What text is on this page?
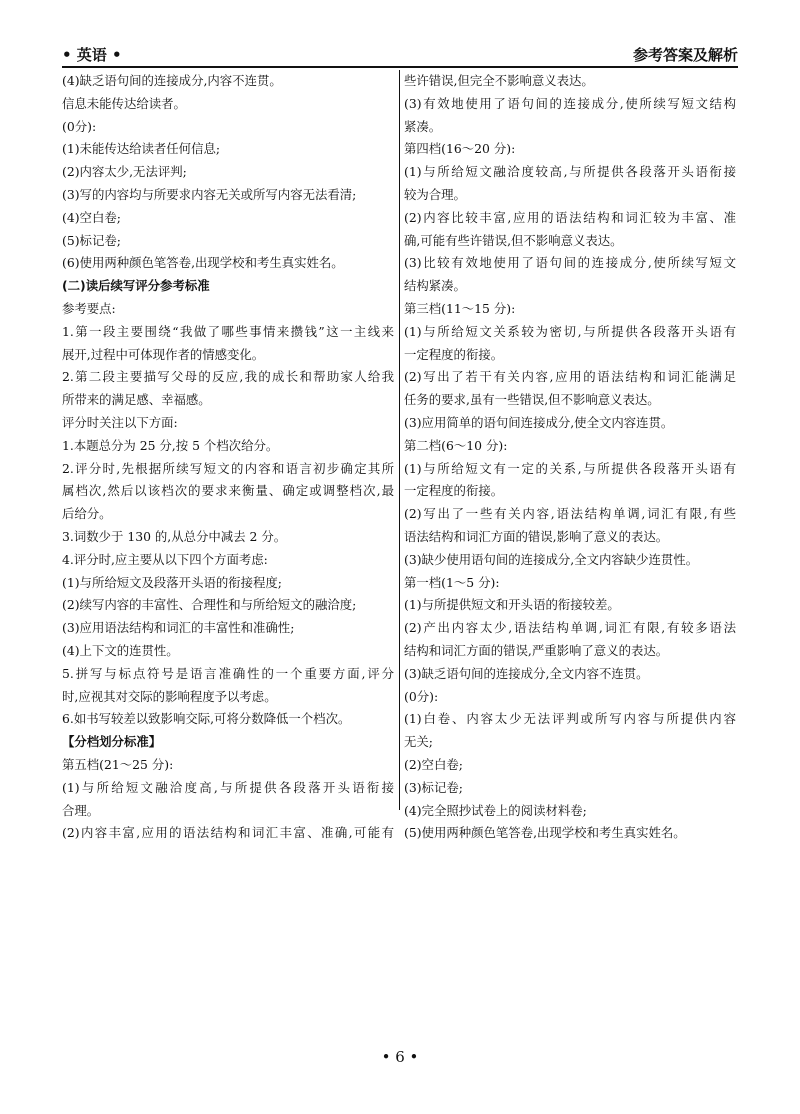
• 英语 •	参考答案及解析
(4)缺乏语句间的连接成分,内容不连贯。
信息未能传达给读者。
(0分):
(1)未能传达给读者任何信息;
(2)内容太少,无法评判;
(3)写的内容均与所要求内容无关或所写内容无法看清;
(4)空白卷;
(5)标记卷;
(6)使用两种颜色笔答卷,出现学校和考生真实姓名。
(二)读后续写评分参考标准
参考要点:
1.第一段主要围绕“我做了哪些事情来攒钱”这一主线来
展开,过程中可体现作者的情感变化。
2.第二段主要描写父母的反应,我的成长和帮助家人给我
所带来的满足感、幸福感。
评分时关注以下方面:
1.本题总分为 25 分,按 5 个档次给分。
2.评分时,先根据所续写短文的内容和语言初步确定其所
属档次,然后以该档次的要求来衡量、确定或调整档次,最
后给分。
3.词数少于 130 的,从总分中减去 2 分。
4.评分时,应主要从以下四个方面考虑:
(1)与所给短文及段落开头语的衔接程度;
(2)续写内容的丰富性、合理性和与所给短文的融洽度;
(3)应用语法结构和词汇的丰富性和准确性;
(4)上下文的连贯性。
5.拼写与标点符号是语言准确性的一个重要方面,评分
时,应视其对交际的影响程度予以考虑。
6.如书写较差以致影响交际,可将分数降低一个档次。
【分档划分标准】
第五档(21～25 分):
(1)与所给短文融洽度高,与所提供各段落开头语衔接
合理。
(2)内容丰富,应用的语法结构和词汇丰富、准确,可能有
些许错误,但完全不影响意义表达。
(3)有效地使用了语句间的连接成分,使所续写短文结构
紧凑。
第四档(16～20 分):
(1)与所给短文融洽度较高,与所提供各段落开头语衔接
较为合理。
(2)内容比较丰富,应用的语法结构和词汇较为丰富、准
确,可能有些许错误,但不影响意义表达。
(3)比较有效地使用了语句间的连接成分,使所续写短文
结构紧凑。
第三档(11～15 分):
(1)与所给短文关系较为密切,与所提供各段落开头语有
一定程度的衔接。
(2)写出了若干有关内容,应用的语法结构和词汇能满足
任务的要求,虽有一些错误,但不影响意义表达。
(3)应用简单的语句间连接成分,使全文内容连贯。
第二档(6～10 分):
(1)与所给短文有一定的关系,与所提供各段落开头语有
一定程度的衔接。
(2)写出了一些有关内容,语法结构单调,词汇有限,有些
语法结构和词汇方面的错误,影响了意义的表达。
(3)缺少使用语句间的连接成分,全文内容缺少连贯性。
第一档(1～5 分):
(1)与所提供短文和开头语的衔接较差。
(2)产出内容太少,语法结构单调,词汇有限,有较多语法
结构和词汇方面的错误,严重影响了意义的表达。
(3)缺乏语句间的连接成分,全文内容不连贯。
(0分):
(1)白卷、内容太少无法评判或所写内容与所提供内容
无关;
(2)空白卷;
(3)标记卷;
(4)完全照抄试卷上的阅读材料卷;
(5)使用两种颜色笔答卷,出现学校和考生真实姓名。
• 6 •
